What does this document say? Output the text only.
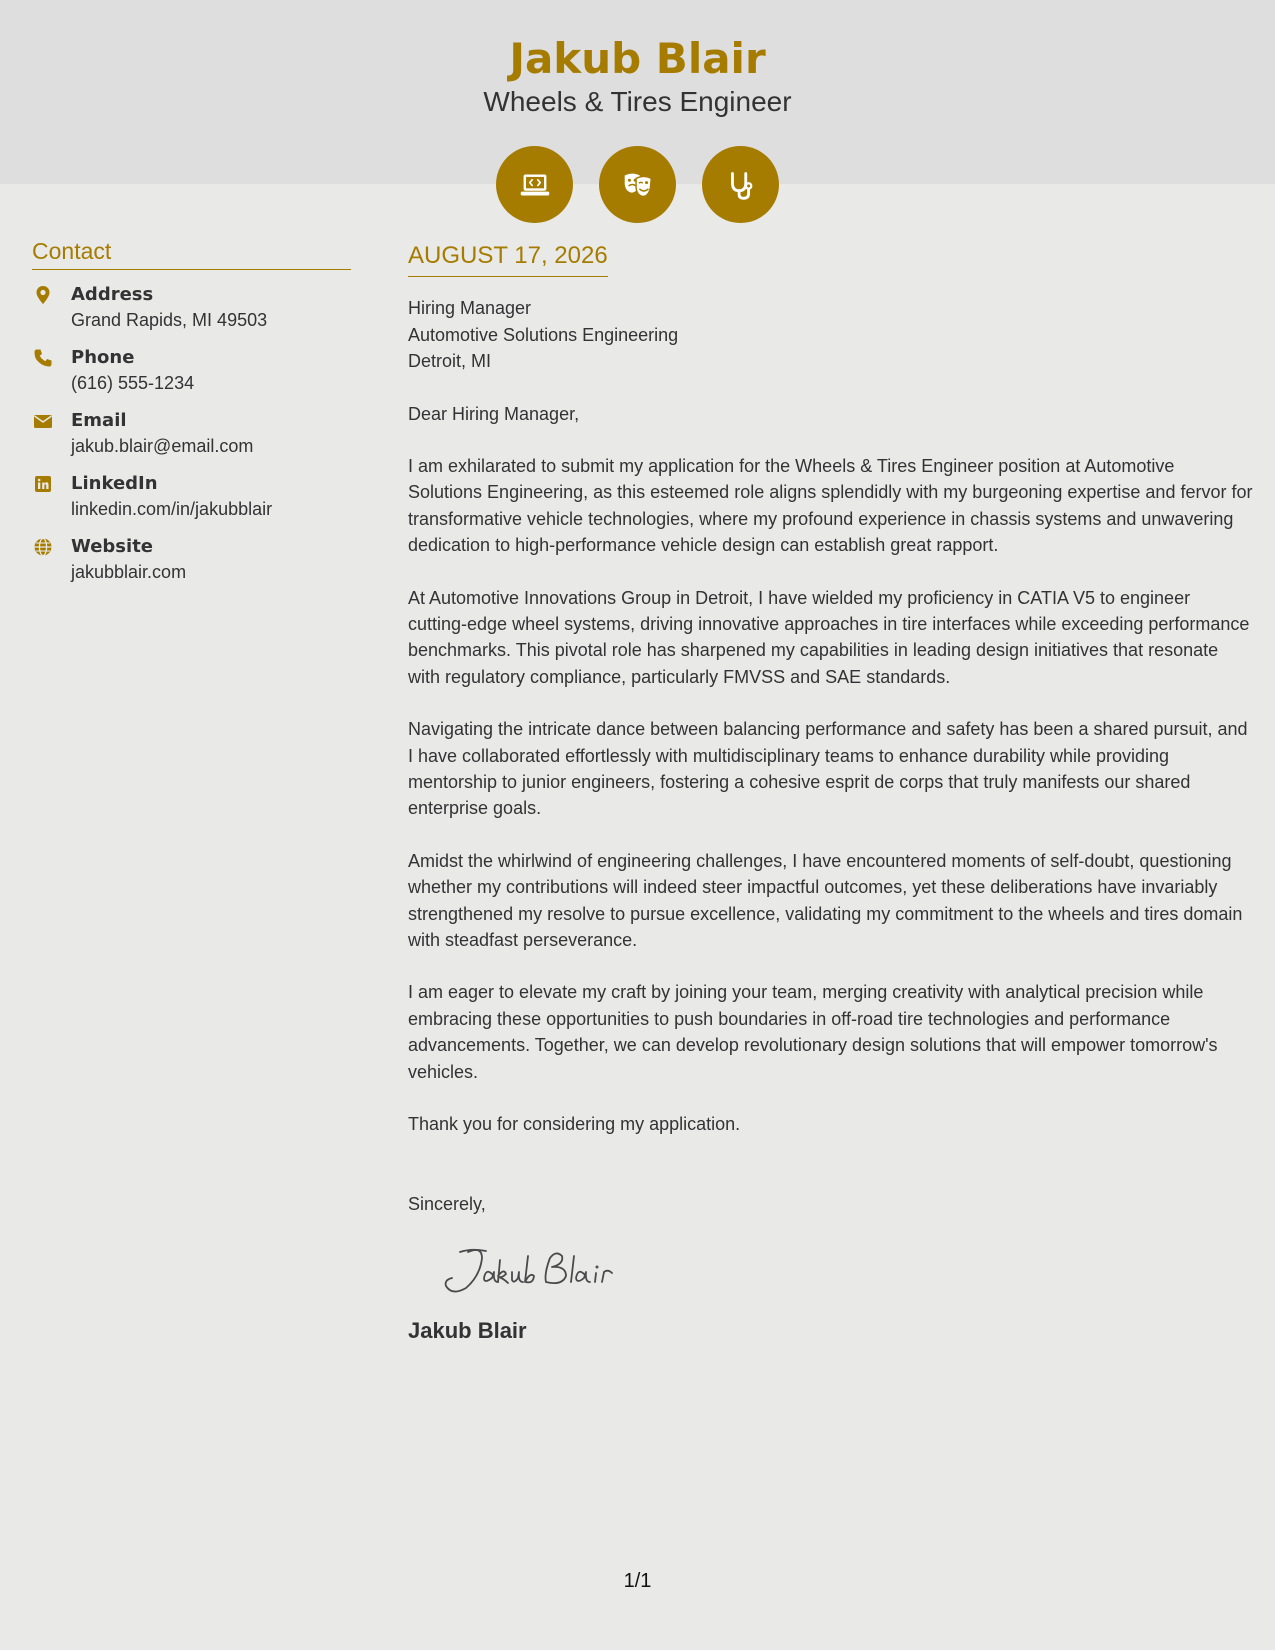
Jakub Blair
Wheels & Tires Engineer
Contact
Address
Grand Rapids, MI 49503
Phone
(616) 555-1234
Email
jakub.blair@email.com
LinkedIn
linkedin.com/in/jakubblair
Website
jakubblair.com
AUGUST 17, 2026
Hiring Manager
Automotive Solutions Engineering
Detroit, MI
Dear Hiring Manager,
I am exhilarated to submit my application for the Wheels & Tires Engineer position at Automotive Solutions Engineering, as this esteemed role aligns splendidly with my burgeoning expertise and fervor for transformative vehicle technologies, where my profound experience in chassis systems and unwavering dedication to high-performance vehicle design can establish great rapport.
At Automotive Innovations Group in Detroit, I have wielded my proficiency in CATIA V5 to engineer cutting-edge wheel systems, driving innovative approaches in tire interfaces while exceeding performance benchmarks. This pivotal role has sharpened my capabilities in leading design initiatives that resonate with regulatory compliance, particularly FMVSS and SAE standards.
Navigating the intricate dance between balancing performance and safety has been a shared pursuit, and I have collaborated effortlessly with multidisciplinary teams to enhance durability while providing mentorship to junior engineers, fostering a cohesive esprit de corps that truly manifests our shared enterprise goals.
Amidst the whirlwind of engineering challenges, I have encountered moments of self-doubt, questioning whether my contributions will indeed steer impactful outcomes, yet these deliberations have invariably strengthened my resolve to pursue excellence, validating my commitment to the wheels and tires domain with steadfast perseverance.
I am eager to elevate my craft by joining your team, merging creativity with analytical precision while embracing these opportunities to push boundaries in off-road tire technologies and performance advancements. Together, we can develop revolutionary design solutions that will empower tomorrow's vehicles.
Thank you for considering my application.
Sincerely,
Jakub Blair
1/1
